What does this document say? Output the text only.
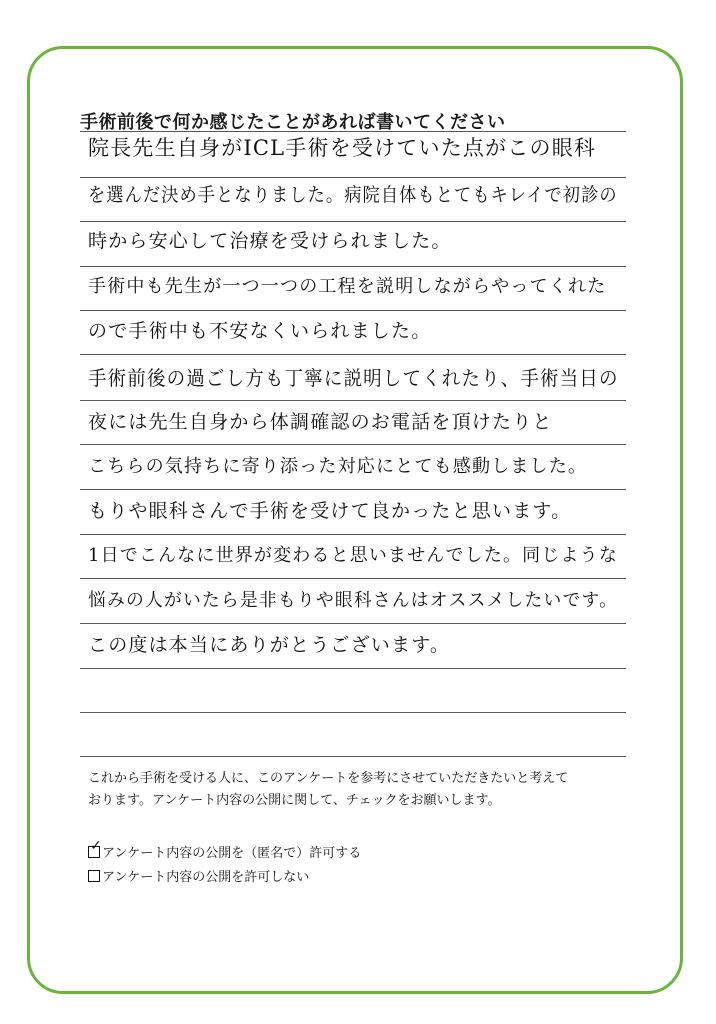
手術前後で何か感じたことがあれば書いてください
院長先生自身がICL手術を受けていた点がこの眼科
を選んだ決め手となりました。病院自体もとてもキレイで初診の
時から安心して治療を受けられました。
手術中も先生が一つ一つの工程を説明しながらやってくれた
ので手術中も不安なくいられました。
手術前後の過ごし方も丁寧に説明してくれたり、手術当日の
夜には先生自身から体調確認のお電話を頂けたりと
こちらの気持ちに寄り添った対応にとても感動しました。
もりや眼科さんで手術を受けて良かったと思います。
1日でこんなに世界が変わると思いませんでした。同じような
悩みの人がいたら是非もりや眼科さんはオススメしたいです。
この度は本当にありがとうございます。

これから手術を受ける人に、このアンケートを参考にさせていただきたいと考えて
おります。アンケート内容の公開に関して、チェックをお願いします。

✓ アンケート内容の公開を（匿名で）許可する
アンケート内容の公開を許可しない
